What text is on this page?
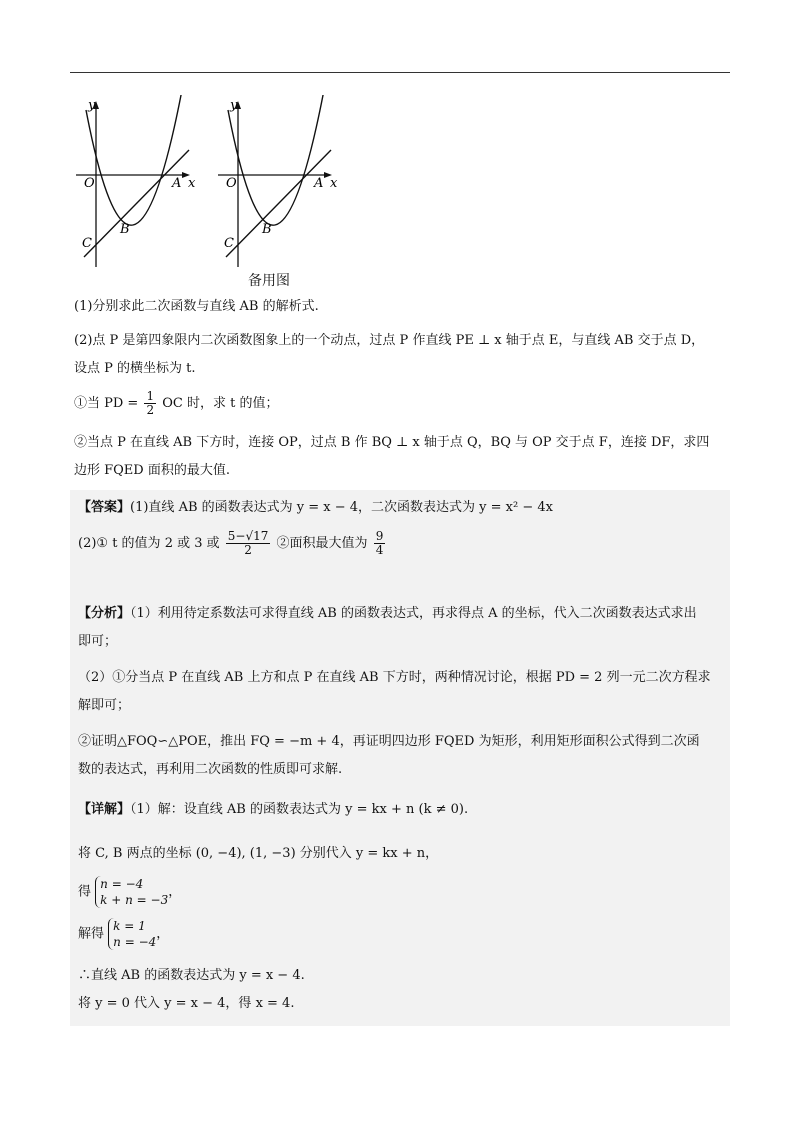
y
x
O	A
B
C
y
x
O	A
B
C
备用图
(1)分别求此二次函数与直线 AB 的解析式.
(2)点 P 是第四象限内二次函数图象上的一个动点，过点 P 作直线 PE ⊥ x 轴于点 E，与直线 AB 交于点 D，
设点 P 的横坐标为 t.
①当 PD = $\frac{1}{2}$ OC 时，求 t 的值；
②当点 P 在直线 AB 下方时，连接 OP，过点 B 作 BQ ⊥ x 轴于点 Q，BQ 与 OP 交于点 F，连接 DF，求四
边形 FQED 面积的最大值.
【答案】(1)直线 AB 的函数表达式为 y = x − 4，二次函数表达式为 y = x² − 4x
(2)① t 的值为 2 或 3 或 $\frac{5-√17}{2}$ ②面积最大值为 $\frac{9}{4}$
【分析】（1）利用待定系数法可求得直线 AB 的函数表达式，再求得点 A 的坐标，代入二次函数表达式求出
即可；
（2）①分当点 P 在直线 AB 上方和点 P 在直线 AB 下方时，两种情况讨论，根据 PD = 2 列一元二次方程求
解即可；
②证明△FOQ∽△POE，推出 FQ = −m + 4，再证明四边形 FQED 为矩形，利用矩形面积公式得到二次函
数的表达式，再利用二次函数的性质即可求解.
【详解】（1）解：设直线 AB 的函数表达式为 y = kx + n (k ≠ 0).
将 C, B 两点的坐标 (0, −4), (1, −3) 分别代入 y = kx + n，
得
n = −4
k + n = −3
，
解得
k = 1
n = −4
，
∴直线 AB 的函数表达式为 y = x − 4.
将 y = 0 代入 y = x − 4，得 x = 4.
